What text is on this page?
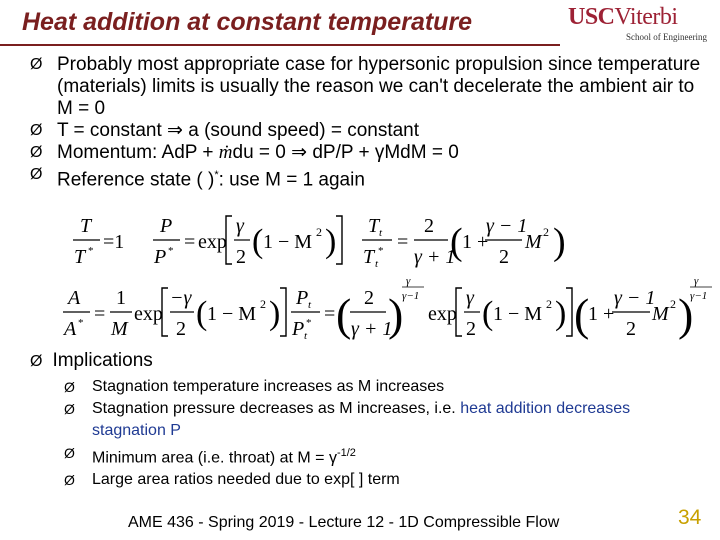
Heat addition at constant temperature	USCViterbi
School of Engineering
Ø Probably most appropriate case for hypersonic propulsion since temperature (materials) limits is usually the reason we can't decelerate the ambient air to M = 0
Ø T = constant ⇒ a (sound speed) = constant
Ø Momentum: AdP + ṁdu = 0 ⇒ dP/P + γMdM = 0
Ø Reference state ( )*: use M = 1 again
T
T * =1
P
P * = exp
γ
2 ( 1 − M 2 ) T t
T t
* =
2
γ + 1
( 1 +
γ − 1
2
M 2 )
A
A * =
1
M
exp
−γ
2 ( 1 − M 2 ) P t
P t
* = ( 2
γ + 1
)
γ
γ−1
exp
γ
2 ( 1 − M 2 ) (
1 +
γ − 1
2
M 2 )
γ
γ−1
Ø Implications
Ø Stagnation temperature increases as M increases
Ø Stagnation pressure decreases as M increases, i.e. heat addition decreases stagnation P
Ø Minimum area (i.e. throat) at $M = \gamma^{-1/2}$
Ø Large area ratios needed due to exp[ ] term
AME 436 - Spring 2019 - Lecture 12 - 1D Compressible Flow	34
